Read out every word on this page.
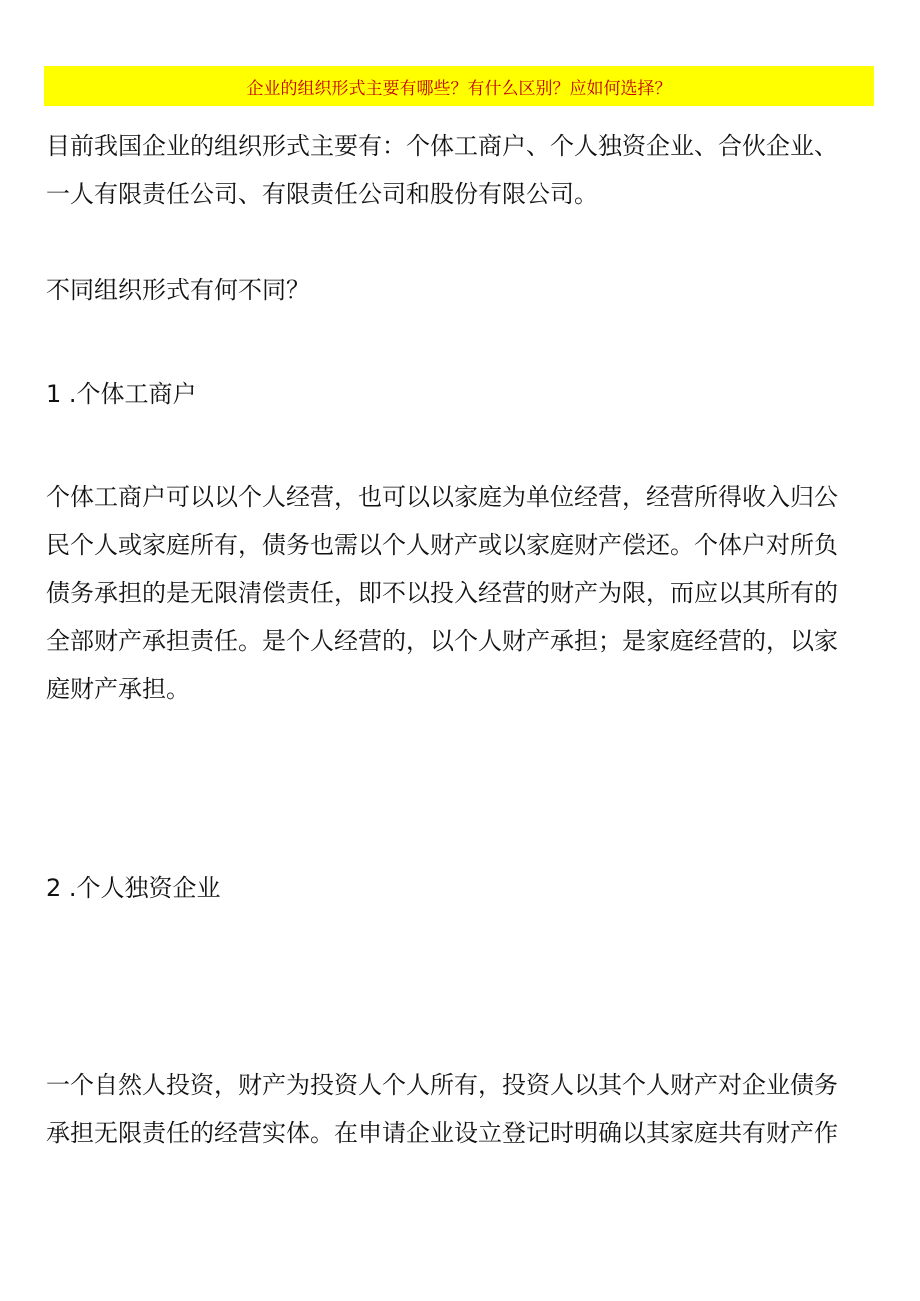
企业的组织形式主要有哪些？有什么区别？应如何选择？

目前我国企业的组织形式主要有：个体工商户、个人独资企业、合伙企业、
一人有限责任公司、有限责任公司和股份有限公司。

不同组织形式有何不同？

1 .个体工商户

个体工商户可以以个人经营，也可以以家庭为单位经营，经营所得收入归公
民个人或家庭所有，债务也需以个人财产或以家庭财产偿还。个体户对所负
债务承担的是无限清偿责任，即不以投入经营的财产为限，而应以其所有的
全部财产承担责任。是个人经营的，以个人财产承担；是家庭经营的，以家
庭财产承担。

2 .个人独资企业

一个自然人投资，财产为投资人个人所有，投资人以其个人财产对企业债务
承担无限责任的经营实体。在申请企业设立登记时明确以其家庭共有财产作
